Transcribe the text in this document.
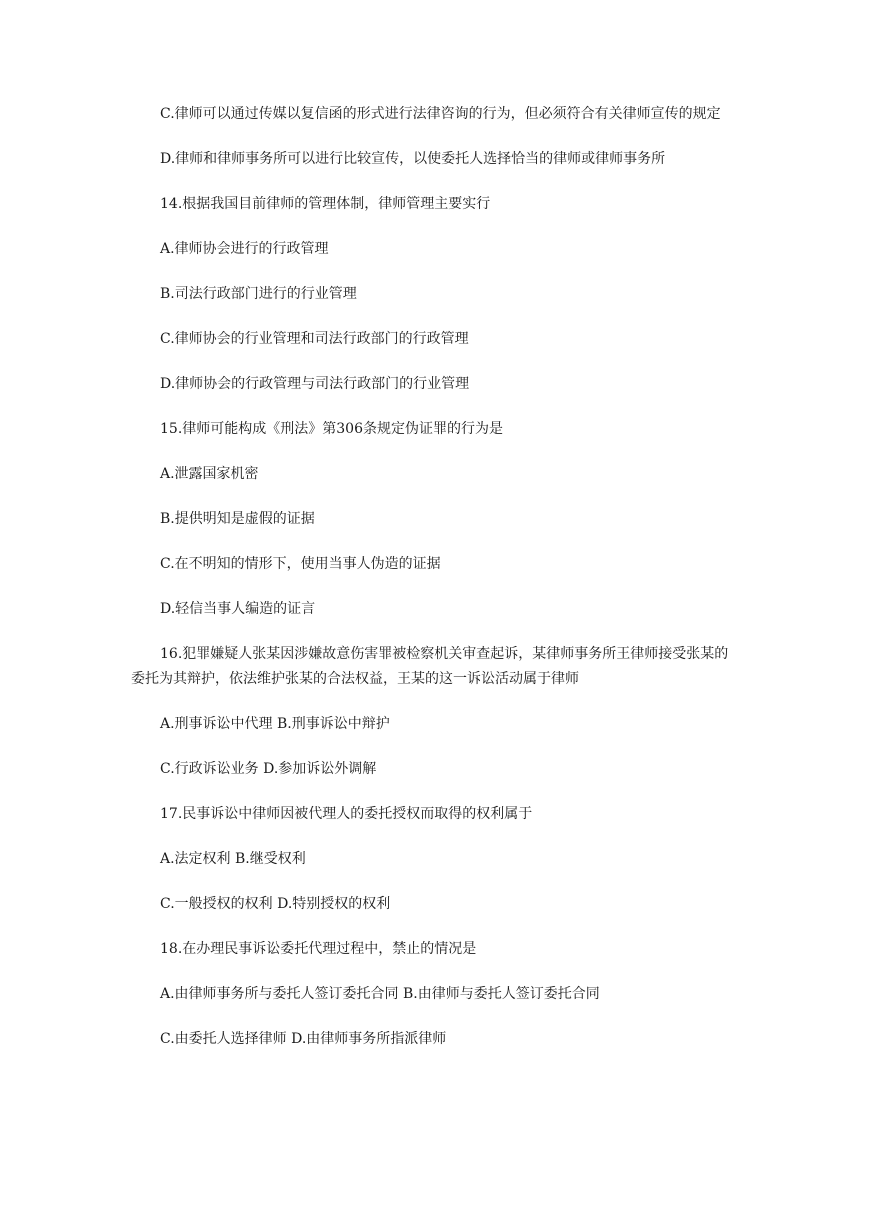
C.律师可以通过传媒以复信函的形式进行法律咨询的行为，但必须符合有关律师宣传的规定

D.律师和律师事务所可以进行比较宣传，以使委托人选择恰当的律师或律师事务所

14.根据我国目前律师的管理体制，律师管理主要实行

A.律师协会进行的行政管理

B.司法行政部门进行的行业管理

C.律师协会的行业管理和司法行政部门的行政管理

D.律师协会的行政管理与司法行政部门的行业管理

15.律师可能构成《刑法》第306条规定伪证罪的行为是

A.泄露国家机密

B.提供明知是虚假的证据

C.在不明知的情形下，使用当事人伪造的证据

D.轻信当事人编造的证言

16.犯罪嫌疑人张某因涉嫌故意伤害罪被检察机关审查起诉，某律师事务所王律师接受张某的委托为其辩护，依法维护张某的合法权益，王某的这一诉讼活动属于律师

A.刑事诉讼中代理 B.刑事诉讼中辩护

C.行政诉讼业务 D.参加诉讼外调解

17.民事诉讼中律师因被代理人的委托授权而取得的权利属于

A.法定权利 B.继受权利

C.一般授权的权利 D.特别授权的权利

18.在办理民事诉讼委托代理过程中，禁止的情况是

A.由律师事务所与委托人签订委托合同 B.由律师与委托人签订委托合同

C.由委托人选择律师 D.由律师事务所指派律师
